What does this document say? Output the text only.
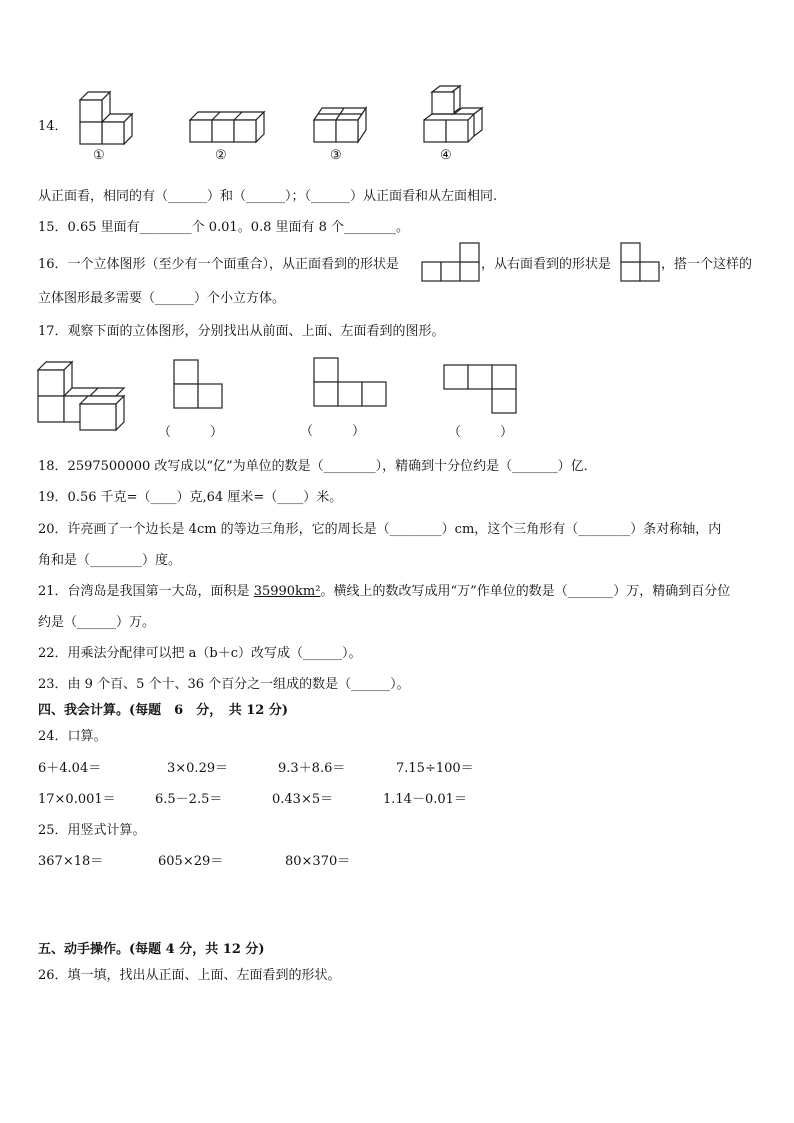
14．
①	②	③	④
从正面看，相同的有（______）和（______）；（______）从正面看和从左面相同.
15．0.65 里面有________个 0.01。0.8 里面有 8 个________。
16．一个立体图形（至少有一个面重合），从正面看到的形状是	，从右面看到的形状是	，搭一个这样的
立体图形最多需要（______）个小立方体。
17．观察下面的立体图形，分别找出从前面、上面、左面看到的图形。
（　　　）	（　　　）	（　　　）
18．2597500000 改写成以“亿”为单位的数是（________），精确到十分位约是（_______）亿．
19．0.56 千克=（____）克,64 厘米=（____）米。
20．许亮画了一个边长是 4cm 的等边三角形，它的周长是（________）cm，这个三角形有（________）条对称轴，内
角和是（________）度。
21．台湾岛是我国第一大岛，面积是 35990km²。横线上的数改写成用“万”作单位的数是（_______）万，精确到百分位
约是（______）万。
22．用乘法分配律可以把 a（b＋c）改写成（______）。
23．由 9 个百、5 个十、36 个百分之一组成的数是（______）。
四、我会计算。(每题　6　分，　共 12 分)
24．口算。
6＋4.04＝	3×0.29＝	9.3＋8.6＝	7.15÷100＝
17×0.001＝	6.5－2.5＝	0.43×5＝	1.14－0.01＝
25．用竖式计算。
367×18＝	605×29＝	80×370＝
五、动手操作。(每题 4 分，共 12 分)
26．填一填，找出从正面、上面、左面看到的形状。
